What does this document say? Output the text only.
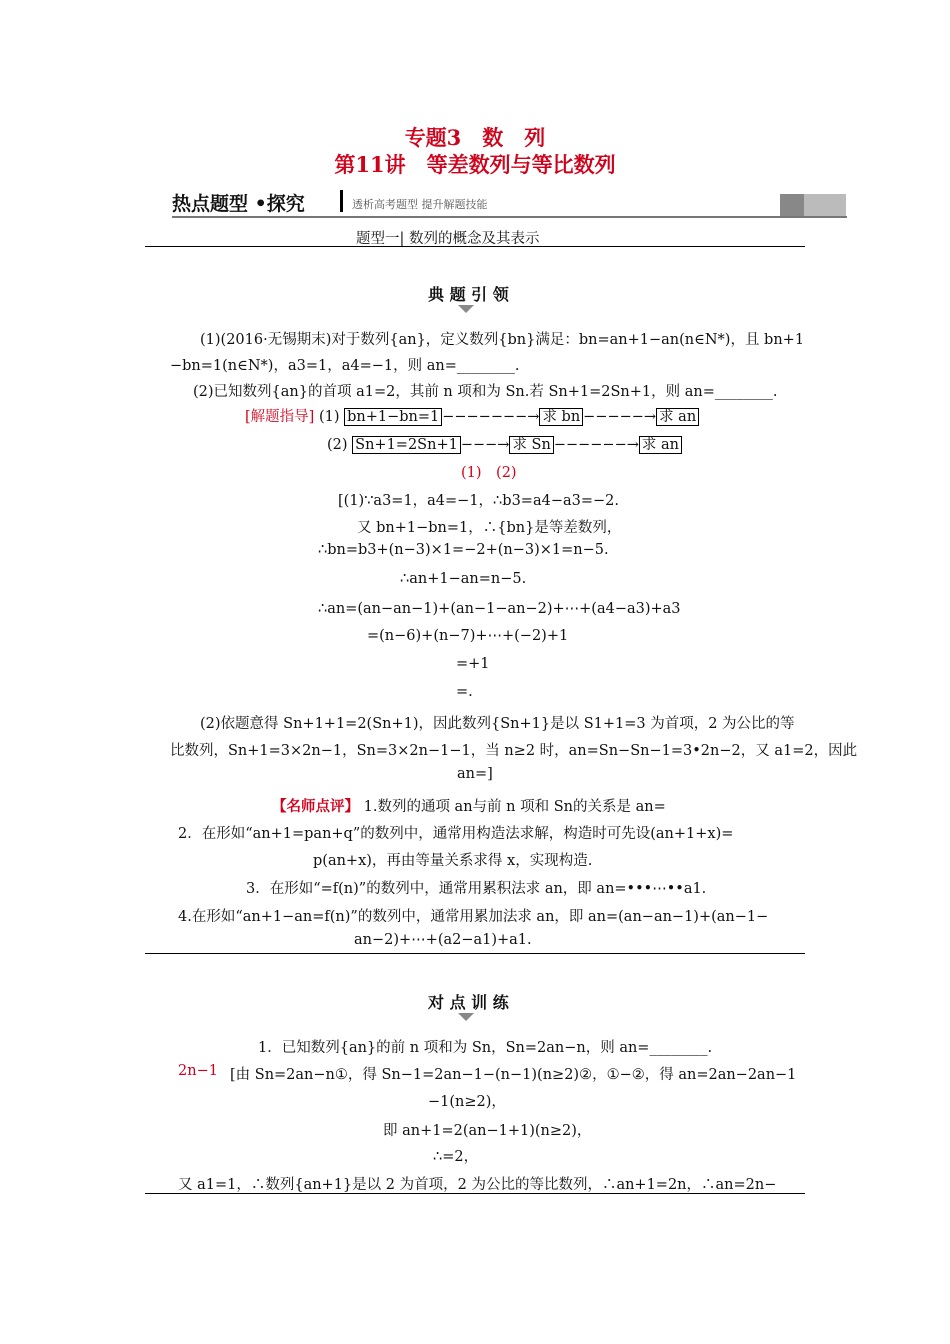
专题3　数　列
第11讲　等差数列与等比数列
热点题型 •探究	透析高考题型 提升解题技能
题型一| 数列的概念及其表示
典 题 引 领
(1)(2016·无锡期末)对于数列{an}，定义数列{bn}满足：bn=an+1−an(n∈N*)，且 bn+1
−bn=1(n∈N*)，a3=1，a4=−1，则 an=________.
(2)已知数列{an}的首项 a1=2，其前 n 项和为 Sn.若 Sn+1=2Sn+1，则 an=________.
[解题指导] (1) bn+1−bn=1 −−−−−−−→ 求 bn −−−−−→ 求 an
(2) Sn+1=2Sn+1 −−−→ 求 Sn −−−−−−→ 求 an
(1)　(2)
[(1)∵a3=1，a4=−1，∴b3=a4−a3=−2.
又 bn+1−bn=1，∴{bn}是等差数列，
∴bn=b3+(n−3)×1=−2+(n−3)×1=n−5.
∴an+1−an=n−5.
∴an=(an−an−1)+(an−1−an−2)+⋯+(a4−a3)+a3
=(n−6)+(n−7)+⋯+(−2)+1
=+1
=.
(2)依题意得 Sn+1+1=2(Sn+1)，因此数列{Sn+1}是以 S1+1=3 为首项，2 为公比的等
比数列，Sn+1=3×2n−1，Sn=3×2n−1−1，当 n≥2 时，an=Sn−Sn−1=3•2n−2，又 a1=2，因此
an=]
【名师点评】 1.数列的通项 an与前 n 项和 Sn的关系是 an=
2．在形如“an+1=pan+q”的数列中，通常用构造法求解，构造时可先设(an+1+x)=
p(an+x)，再由等量关系求得 x，实现构造.
3．在形如“=f(n)”的数列中，通常用累积法求 an，即 an=•••⋯••a1.
4.在形如“an+1−an=f(n)”的数列中，通常用累加法求 an，即 an=(an−an−1)+(an−1−
an−2)+⋯+(a2−a1)+a1.
对 点 训 练
1．已知数列{an}的前 n 项和为 Sn，Sn=2an−n，则 an=________.
2n−1 [由 Sn=2an−n①，得 Sn−1=2an−1−(n−1)(n≥2)②，①−②，得 an=2an−2an−1
−1(n≥2)，
即 an+1=2(an−1+1)(n≥2)，
∴=2，
又 a1=1，∴数列{an+1}是以 2 为首项，2 为公比的等比数列，∴an+1=2n，∴an=2n−
